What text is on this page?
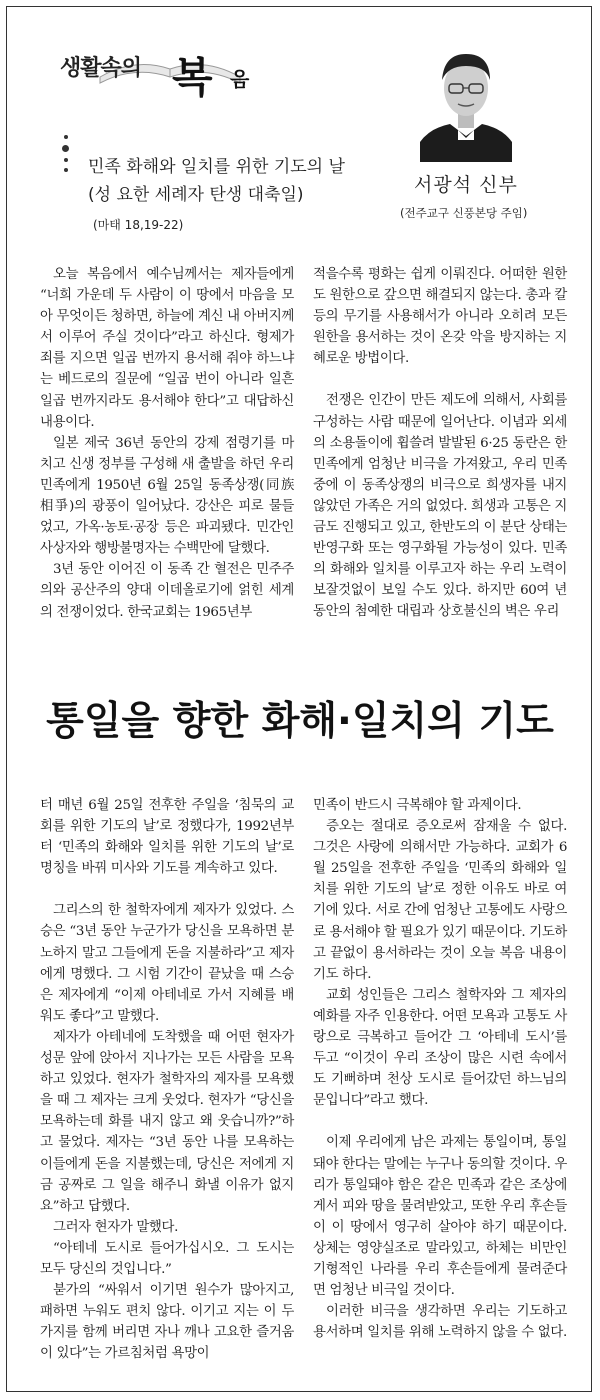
생활속의 복 음
민족 화해와 일치를 위한 기도의 날
(성 요한 세례자 탄생 대축일)
(마태 18,19-22)
서광석 신부
(전주교구 신풍본당 주임)

오늘 복음에서 예수님께서는 제자들에게 “너희 가운데 두 사람이 이 땅에서 마음을 모아 무엇이든 청하면, 하늘에 계신 내 아버지께서 이루어 주실 것이다”라고 하신다. 형제가 죄를 지으면 일곱 번까지 용서해 줘야 하느냐는 베드로의 질문에 “일곱 번이 아니라 일흔일곱 번까지라도 용서해야 한다”고 대답하신 내용이다.

일본 제국 36년 동안의 강제 점령기를 마치고 신생 정부를 구성해 새 출발을 하던 우리 민족에게 1950년 6월 25일 동족상쟁(同族相爭)의 광풍이 일어났다. 강산은 피로 물들었고, 가옥·농토·공장 등은 파괴됐다. 민간인 사상자와 행방불명자는 수백만에 달했다.

3년 동안 이어진 이 동족 간 혈전은 민주주의와 공산주의 양대 이데올로기에 얽힌 세계의 전쟁이었다. 한국교회는 1965년부

적을수록 평화는 쉽게 이뤄진다. 어떠한 원한도 원한으로 갚으면 해결되지 않는다. 총과 칼 등의 무기를 사용해서가 아니라 오히려 모든 원한을 용서하는 것이 온갖 악을 방지하는 지혜로운 방법이다.

전쟁은 인간이 만든 제도에 의해서, 사회를 구성하는 사람 때문에 일어난다. 이념과 외세의 소용돌이에 휩쓸려 발발된 6·25 동란은 한민족에게 엄청난 비극을 가져왔고, 우리 민족 중에 이 동족상쟁의 비극으로 희생자를 내지 않았던 가족은 거의 없었다. 희생과 고통은 지금도 진행되고 있고, 한반도의 이 분단 상태는 반영구화 또는 영구화될 가능성이 있다. 민족의 화해와 일치를 이루고자 하는 우리 노력이 보잘것없이 보일 수도 있다. 하지만 60여 년 동안의 첨예한 대립과 상호불신의 벽은 우리

통일을 향한 화해·일치의 기도

터 매년 6월 25일 전후한 주일을 ‘침묵의 교회를 위한 기도의 날’로 정했다가, 1992년부터 ‘민족의 화해와 일치를 위한 기도의 날’로 명칭을 바꿔 미사와 기도를 계속하고 있다.

그리스의 한 철학자에게 제자가 있었다. 스승은 “3년 동안 누군가가 당신을 모욕하면 분노하지 말고 그들에게 돈을 지불하라”고 제자에게 명했다. 그 시험 기간이 끝났을 때 스승은 제자에게 “이제 아테네로 가서 지혜를 배워도 좋다”고 말했다.

제자가 아테네에 도착했을 때 어떤 현자가 성문 앞에 앉아서 지나가는 모든 사람을 모욕하고 있었다. 현자가 철학자의 제자를 모욕했을 때 그 제자는 크게 웃었다. 현자가 “당신을 모욕하는데 화를 내지 않고 왜 웃습니까?”하고 물었다. 제자는 “3년 동안 나를 모욕하는 이들에게 돈을 지불했는데, 당신은 저에게 지금 공짜로 그 일을 해주니 화낼 이유가 없지요”하고 답했다.

그러자 현자가 말했다.

“아테네 도시로 들어가십시오. 그 도시는 모두 당신의 것입니다.”

붇가의 “싸워서 이기면 원수가 많아지고, 패하면 누워도 편치 않다. 이기고 지는 이 두 가지를 함께 버리면 자나 깨나 고요한 즐거움이 있다”는 가르침처럼 욕망이

민족이 반드시 극복해야 할 과제이다.

증오는 절대로 증오로써 잠재울 수 없다. 그것은 사랑에 의해서만 가능하다. 교회가 6월 25일을 전후한 주일을 ‘민족의 화해와 일치를 위한 기도의 날’로 정한 이유도 바로 여기에 있다. 서로 간에 엄청난 고통에도 사랑으로 용서해야 할 필요가 있기 때문이다. 기도하고 끝없이 용서하라는 것이 오늘 복음 내용이기도 하다.

교회 성인들은 그리스 철학자와 그 제자의 예화를 자주 인용한다. 어떤 모욕과 고통도 사랑으로 극복하고 들어간 그 ‘아테네 도시’를 두고 “이것이 우리 조상이 많은 시련 속에서도 기뻐하며 천상 도시로 들어갔던 하느님의 문입니다”라고 했다.

이제 우리에게 남은 과제는 통일이며, 통일돼야 한다는 말에는 누구나 동의할 것이다. 우리가 통일돼야 함은 같은 민족과 같은 조상에게서 피와 땅을 물려받았고, 또한 우리 후손들이 이 땅에서 영구히 살아야 하기 때문이다. 상체는 영양실조로 말라있고, 하체는 비만인 기형적인 나라를 우리 후손들에게 물려준다면 엄청난 비극일 것이다.

이러한 비극을 생각하면 우리는 기도하고 용서하며 일치를 위해 노력하지 않을 수 없다.
